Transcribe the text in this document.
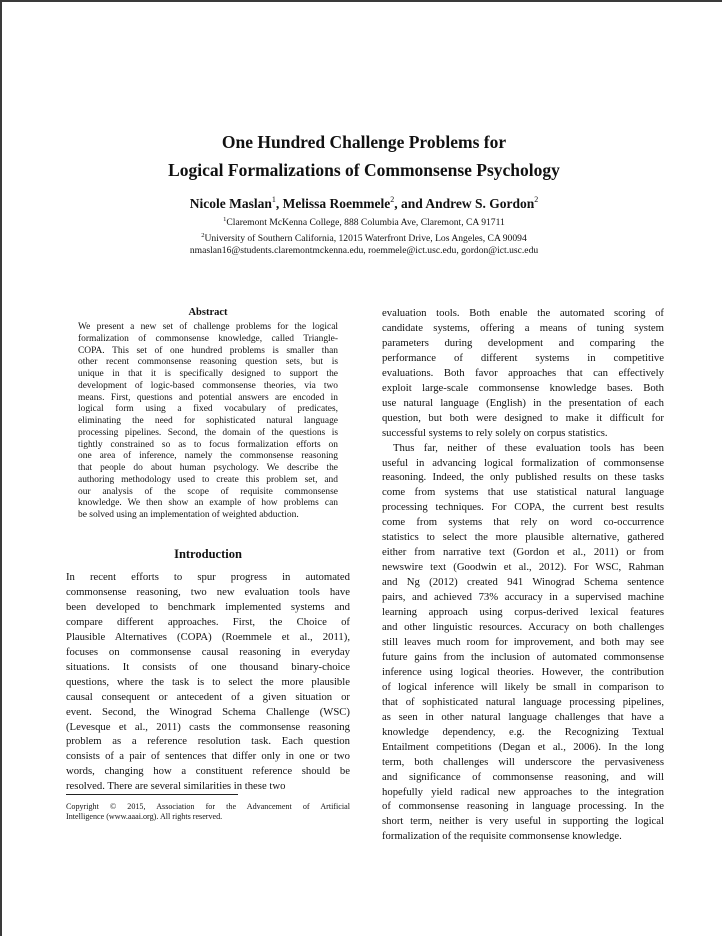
One Hundred Challenge Problems for
Logical Formalizations of Commonsense Psychology
Nicole Maslan$^1$, Melissa Roemmele$^2$, and Andrew S. Gordon$^2$
$^1$Claremont McKenna College, 888 Columbia Ave, Claremont, CA 91711
$^2$University of Southern California, 12015 Waterfront Drive, Los Angeles, CA 90094
nmaslan16@students.claremontmckenna.edu, roemmele@ict.usc.edu, gordon@ict.usc.edu
Abstract
We present a new set of challenge problems for the logical
formalization of commonsense knowledge, called Triangle-
COPA. This set of one hundred problems is smaller than
other recent commonsense reasoning question sets, but is
unique in that it is specifically designed to support the
development of logic-based commonsense theories, via two
means. First, questions and potential answers are encoded in
logical form using a fixed vocabulary of predicates,
eliminating the need for sophisticated natural language
processing pipelines. Second, the domain of the questions is
tightly constrained so as to focus formalization efforts on
one area of inference, namely the commonsense reasoning
that people do about human psychology. We describe the
authoring methodology used to create this problem set, and
our analysis of the scope of requisite commonsense
knowledge. We then show an example of how problems can
be solved using an implementation of weighted abduction.
Introduction
In recent efforts to spur progress in automated
commonsense reasoning, two new evaluation tools have
been developed to benchmark implemented systems and
compare different approaches. First, the Choice of
Plausible Alternatives (COPA) (Roemmele et al., 2011),
focuses on commonsense causal reasoning in everyday
situations. It consists of one thousand binary-choice
questions, where the task is to select the more plausible
causal consequent or antecedent of a given situation or
event. Second, the Winograd Schema Challenge (WSC)
(Levesque et al., 2011) casts the commonsense reasoning
problem as a reference resolution task. Each question
consists of a pair of sentences that differ only in one or two
words, changing how a constituent reference should be
resolved. There are several similarities in these two
Copyright © 2015, Association for the Advancement of Artificial
Intelligence (www.aaai.org). All rights reserved.
evaluation tools. Both enable the automated scoring of
candidate systems, offering a means of tuning system
parameters during development and comparing the
performance of different systems in competitive
evaluations. Both favor approaches that can effectively
exploit large-scale commonsense knowledge bases. Both
use natural language (English) in the presentation of each
question, but both were designed to make it difficult for
successful systems to rely solely on corpus statistics.
Thus far, neither of these evaluation tools has been
useful in advancing logical formalization of commonsense
reasoning. Indeed, the only published results on these tasks
come from systems that use statistical natural language
processing techniques. For COPA, the current best results
come from systems that rely on word co-occurrence
statistics to select the more plausible alternative, gathered
either from narrative text (Gordon et al., 2011) or from
newswire text (Goodwin et al., 2012). For WSC, Rahman
and Ng (2012) created 941 Winograd Schema sentence
pairs, and achieved 73% accuracy in a supervised machine
learning approach using corpus-derived lexical features
and other linguistic resources. Accuracy on both challenges
still leaves much room for improvement, and both may see
future gains from the inclusion of automated commonsense
inference using logical theories. However, the contribution
of logical inference will likely be small in comparison to
that of sophisticated natural language processing pipelines,
as seen in other natural language challenges that have a
knowledge dependency, e.g. the Recognizing Textual
Entailment competitions (Degan et al., 2006). In the long
term, both challenges will underscore the pervasiveness
and significance of commonsense reasoning, and will
hopefully yield radical new approaches to the integration
of commonsense reasoning in language processing. In the
short term, neither is very useful in supporting the logical
formalization of the requisite commonsense knowledge.
